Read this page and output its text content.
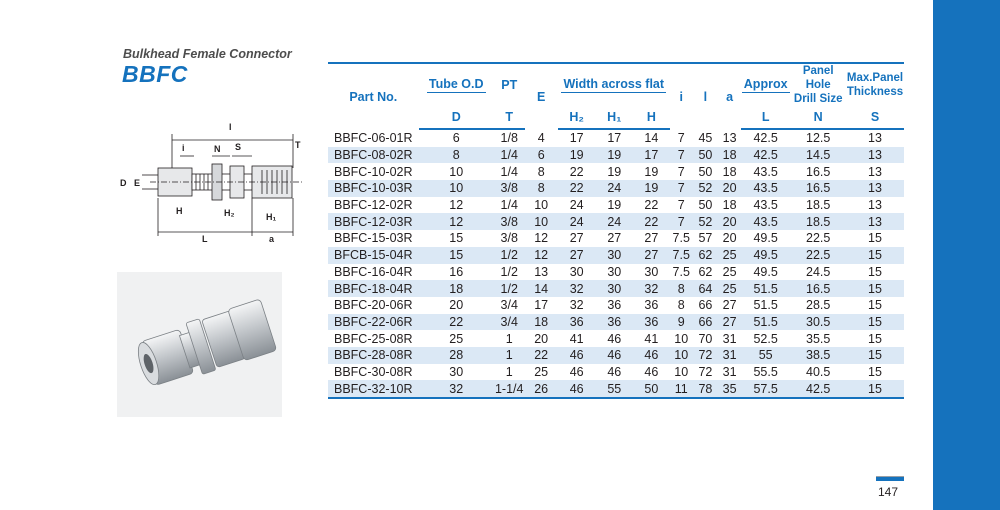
Bulkhead Female Connector
BBFC
l
i	N S	T
D E
H	H₂	H₁
L	a
Part No.	Tube O.D	PT	E	Width across flat			i	l	a	Approx	Panel Hole
Drill Size	Max.Panel
Thickness
	D	T		H₂	H₁	H				L	N	S
BBFC-06-01R	6	1/8	4	17	17	14	7	45	13	42.5	12.5	13
BBFC-08-02R	8	1/4	6	19	19	17	7	50	18	42.5	14.5	13
BBFC-10-02R	10	1/4	8	22	19	19	7	50	18	43.5	16.5	13
BBFC-10-03R	10	3/8	8	22	24	19	7	52	20	43.5	16.5	13
BBFC-12-02R	12	1/4	10	24	19	22	7	50	18	43.5	18.5	13
BBFC-12-03R	12	3/8	10	24	24	22	7	52	20	43.5	18.5	13
BBFC-15-03R	15	3/8	12	27	27	27	7.5	57	20	49.5	22.5	15
BFCB-15-04R	15	1/2	12	27	30	27	7.5	62	25	49.5	22.5	15
BBFC-16-04R	16	1/2	13	30	30	30	7.5	62	25	49.5	24.5	15
BBFC-18-04R	18	1/2	14	32	30	32	8	64	25	51.5	16.5	15
BBFC-20-06R	20	3/4	17	32	36	36	8	66	27	51.5	28.5	15
BBFC-22-06R	22	3/4	18	36	36	36	9	66	27	51.5	30.5	15
BBFC-25-08R	25	1	20	41	46	41	10	70	31	52.5	35.5	15
BBFC-28-08R	28	1	22	46	46	46	10	72	31	55	38.5	15
BBFC-30-08R	30	1	25	46	46	46	10	72	31	55.5	40.5	15
BBFC-32-10R	32	1-1/4	26	46	55	50	11	78	35	57.5	42.5	15
147
